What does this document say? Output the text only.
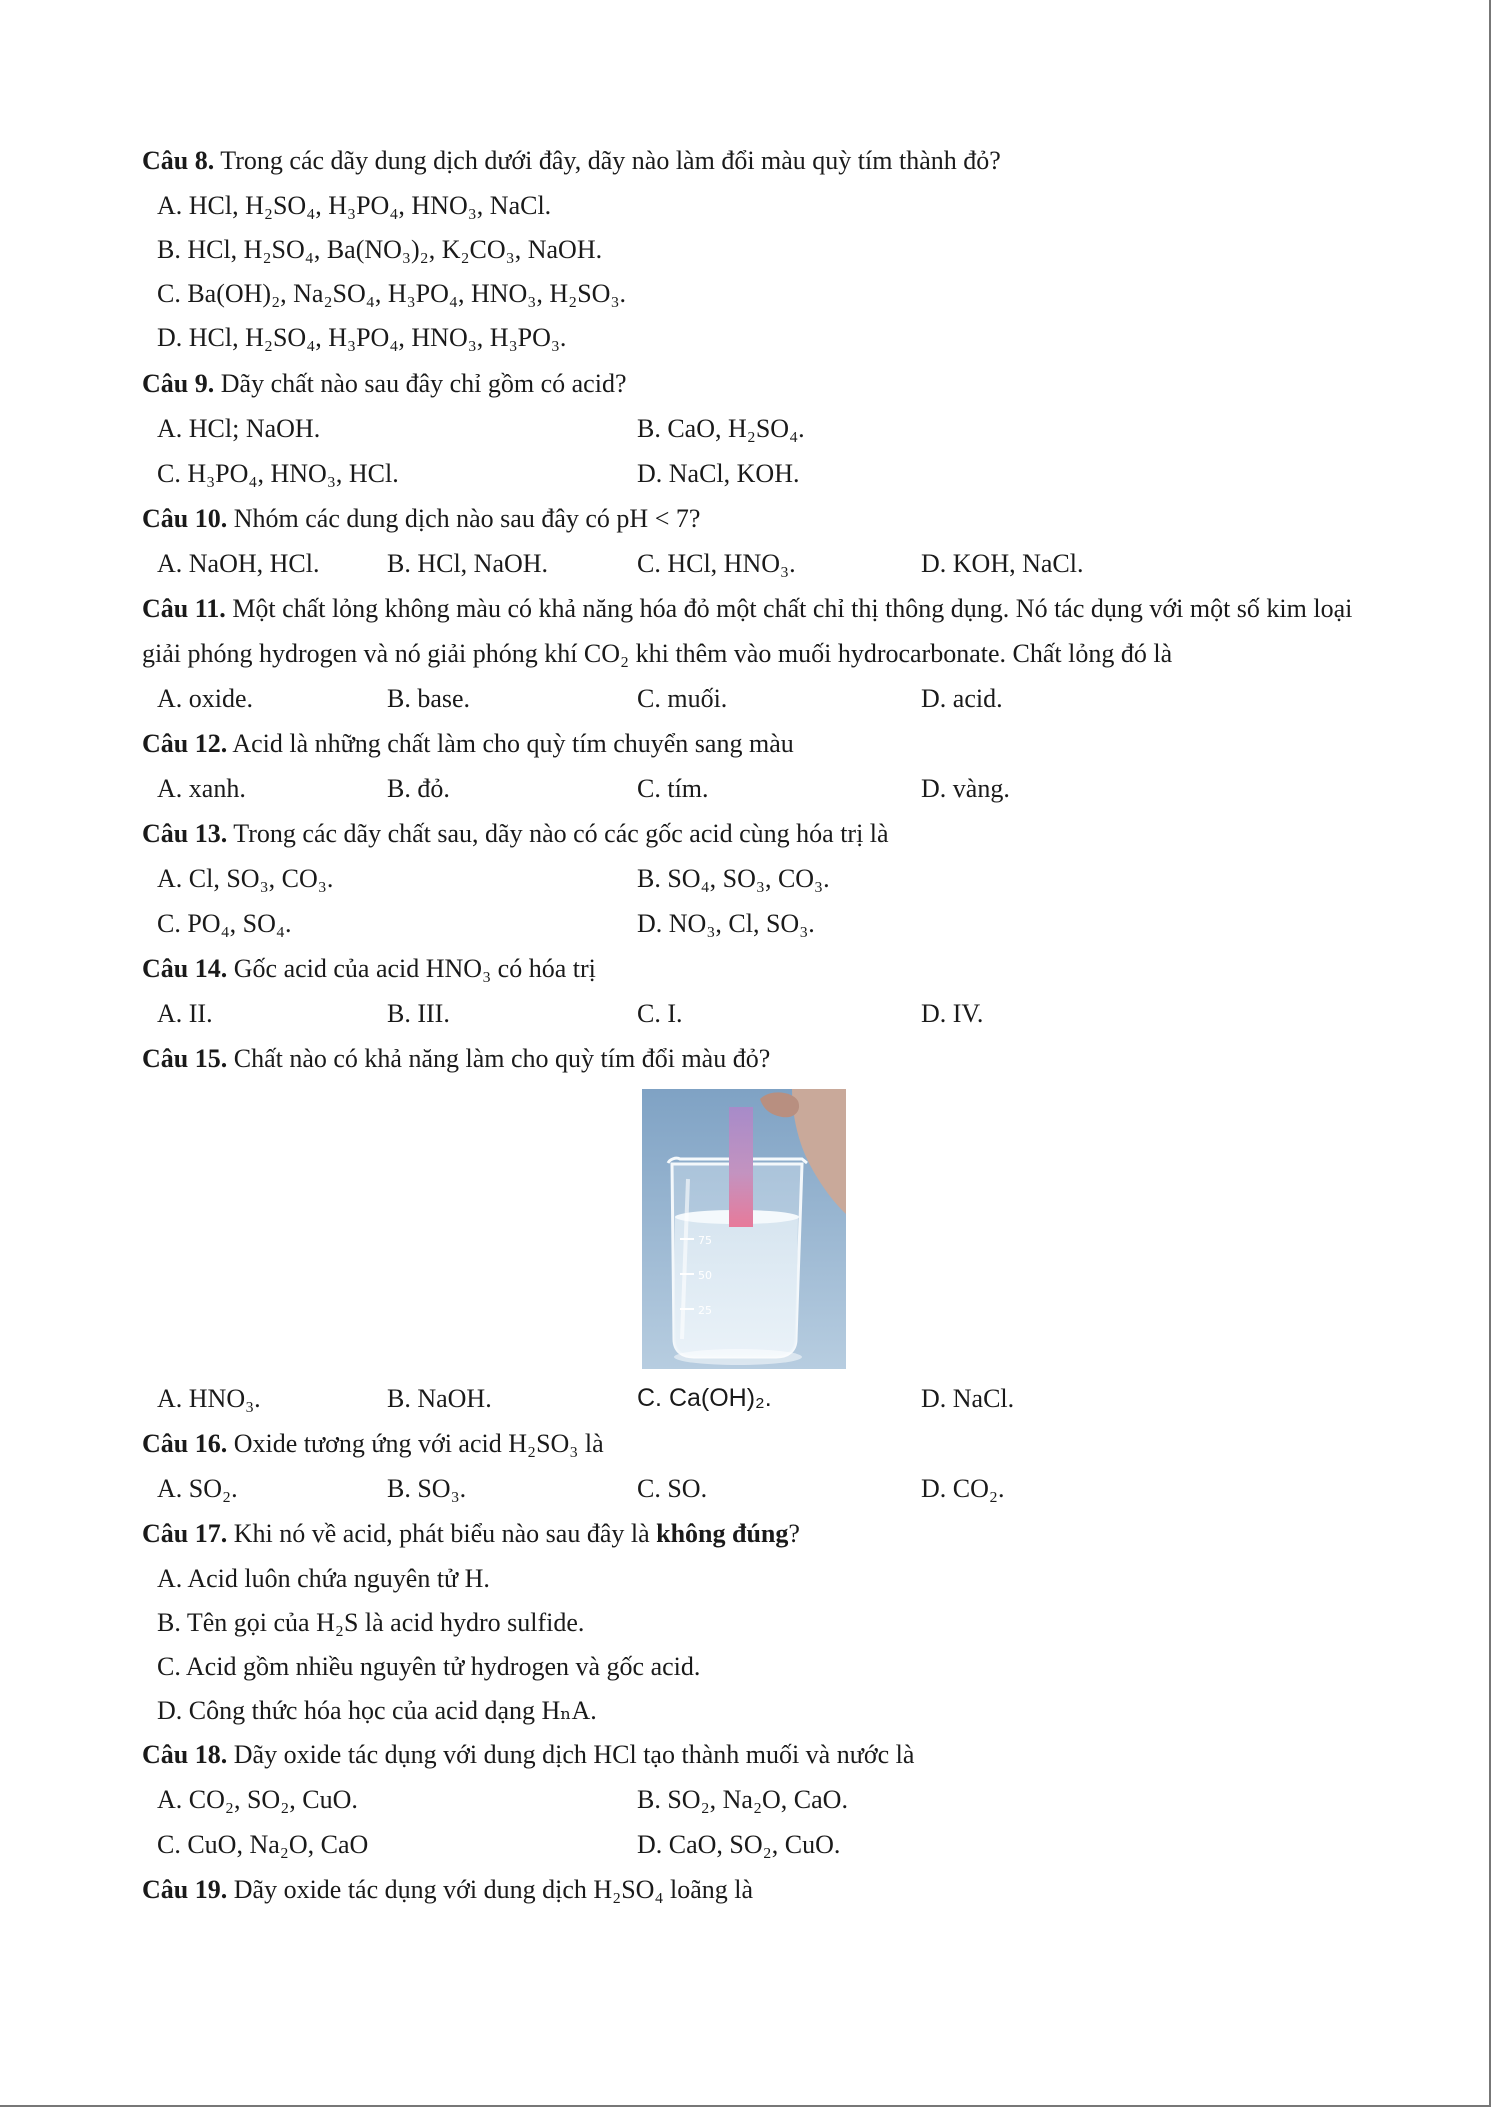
Câu 8. Trong các dãy dung dịch dưới đây, dãy nào làm đổi màu quỳ tím thành đỏ?
A. HCl, H₂SO₄, H₃PO₄, HNO₃, NaCl.
B. HCl, H₂SO₄, Ba(NO₃)₂, K₂CO₃, NaOH.
C. Ba(OH)₂, Na₂SO₄, H₃PO₄, HNO₃, H₂SO₃.
D. HCl, H₂SO₄, H₃PO₄, HNO₃, H₃PO₃.
Câu 9. Dãy chất nào sau đây chỉ gồm có acid?
A. HCl; NaOH.	B. CaO, H₂SO₄.
C. H₃PO₄, HNO₃, HCl.	D. NaCl, KOH.
Câu 10. Nhóm các dung dịch nào sau đây có pH < 7?
A. NaOH, HCl.	B. HCl, NaOH.	C. HCl, HNO₃.	D. KOH, NaCl.
Câu 11. Một chất lỏng không màu có khả năng hóa đỏ một chất chỉ thị thông dụng. Nó tác dụng với một số kim loại giải phóng hydrogen và nó giải phóng khí CO₂ khi thêm vào muối hydrocarbonate. Chất lỏng đó là
A. oxide.	B. base.	C. muối.	D. acid.
Câu 12. Acid là những chất làm cho quỳ tím chuyển sang màu
A. xanh.	B. đỏ.	C. tím.	D. vàng.
Câu 13. Trong các dãy chất sau, dãy nào có các gốc acid cùng hóa trị là
A. Cl, SO₃, CO₃.	B. SO₄, SO₃, CO₃.
C. PO₄, SO₄.	D. NO₃, Cl, SO₃.
Câu 14. Gốc acid của acid HNO₃ có hóa trị
A. II.	B. III.	C. I.	D. IV.
Câu 15. Chất nào có khả năng làm cho quỳ tím đổi màu đỏ?
75
50
25
A. HNO₃.	B. NaOH.	C. Ca(OH)₂.	D. NaCl.
Câu 16. Oxide tương ứng với acid H₂SO₃ là
A. SO₂.	B. SO₃.	C. SO.	D. CO₂.
Câu 17. Khi nó về acid, phát biểu nào sau đây là không đúng?
A. Acid luôn chứa nguyên tử H.
B. Tên gọi của H₂S là acid hydro sulfide.
C. Acid gồm nhiều nguyên tử hydrogen và gốc acid.
D. Công thức hóa học của acid dạng HₙA.
Câu 18. Dãy oxide tác dụng với dung dịch HCl tạo thành muối và nước là
A. CO₂, SO₂, CuO.	B. SO₂, Na₂O, CaO.
C. CuO, Na₂O, CaO	D. CaO, SO₂, CuO.
Câu 19. Dãy oxide tác dụng với dung dịch H₂SO₄ loãng là
